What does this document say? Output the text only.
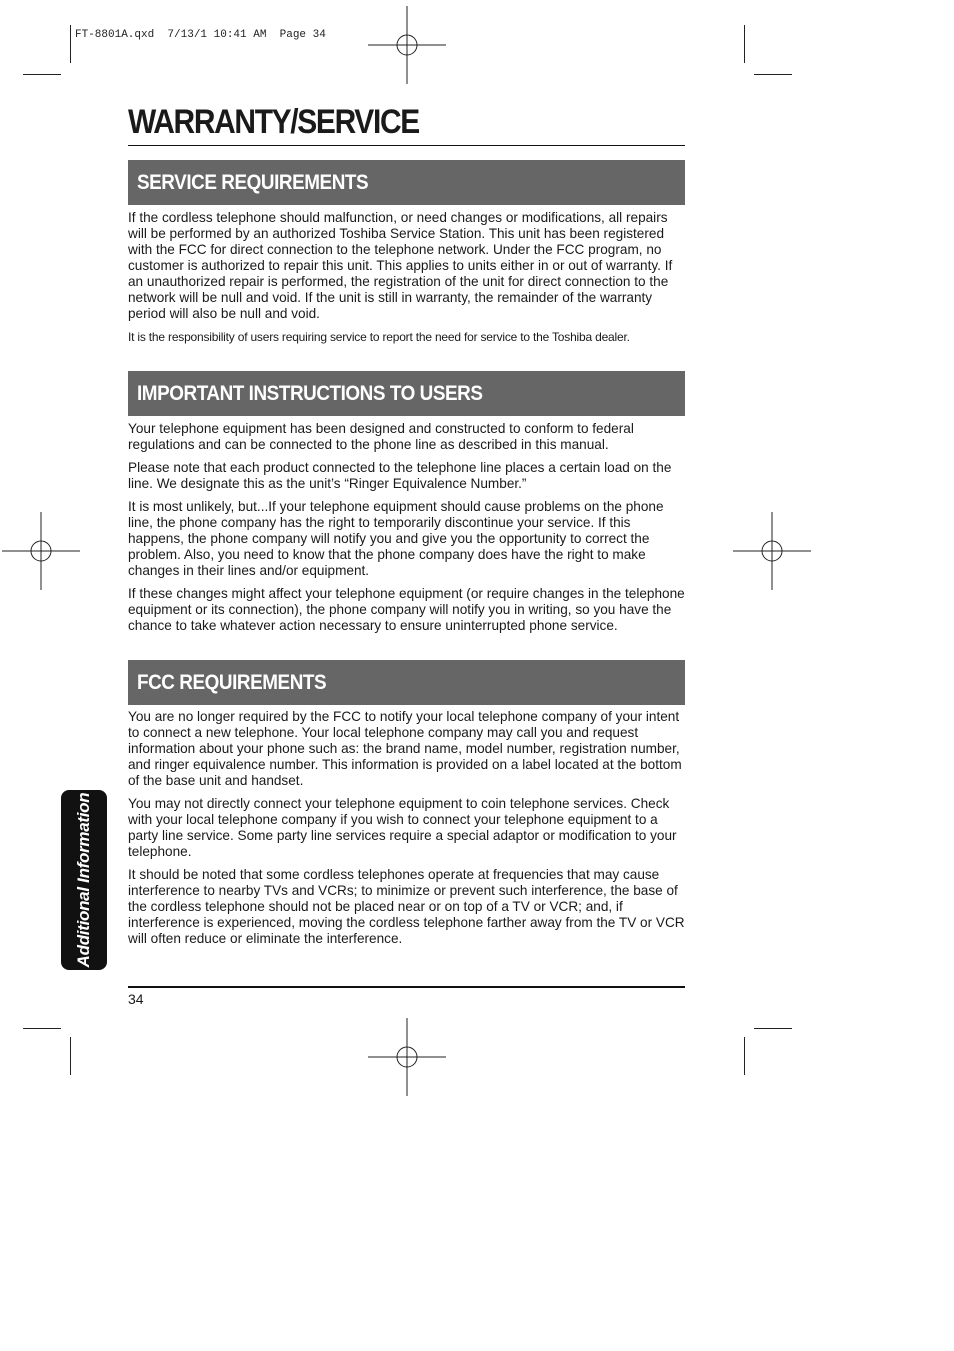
FT-8801A.qxd  7/13/1 10:41 AM  Page 34
WARRANTY/SERVICE
SERVICE REQUIREMENTS

If the cordless telephone should malfunction, or need changes or modifications, all repairs will be performed by an authorized Toshiba Service Station. This unit has been registered with the FCC for direct connection to the telephone network. Under the FCC program, no customer is authorized to repair this unit. This applies to units either in or out of warranty. If an unauthorized repair is performed, the registration of the unit for direct connection to the network will be null and void. If the unit is still in warranty, the remainder of the warranty period will also be null and void.

It is the responsibility of users requiring service to report the need for service to the Toshiba dealer.

IMPORTANT INSTRUCTIONS TO USERS

Your telephone equipment has been designed and constructed to conform to federal regulations and can be connected to the phone line as described in this manual.

Please note that each product connected to the telephone line places a certain load on the line. We designate this as the unit’s “Ringer Equivalence Number.”

It is most unlikely, but...If your telephone equipment should cause problems on the phone line, the phone company has the right to temporarily discontinue your service. If this happens, the phone company will notify you and give you the opportunity to correct the problem. Also, you need to know that the phone company does have the right to make changes in their lines and/or equipment.

If these changes might affect your telephone equipment (or require changes in the telephone equipment or its connection), the phone company will notify you in writing, so you have the chance to take whatever action necessary to ensure uninterrupted phone service.

FCC REQUIREMENTS

You are no longer required by the FCC to notify your local telephone company of your intent to connect a new telephone. Your local telephone company may call you and request information about your phone such as: the brand name, model number, registration number, and ringer equivalence number. This information is provided on a label located at the bottom of the base unit and handset.

You may not directly connect your telephone equipment to coin telephone services. Check with your local telephone company if you wish to connect your telephone equipment to a party line service. Some party line services require a special adaptor or modification to your telephone.

It should be noted that some cordless telephones operate at frequencies that may cause interference to nearby TVs and VCRs; to minimize or prevent such interference, the base of the cordless telephone should not be placed near or on top of a TV or VCR; and, if interference is experienced, moving the cordless telephone farther away from the TV or VCR will often reduce or eliminate the interference.

Additional Information
34
